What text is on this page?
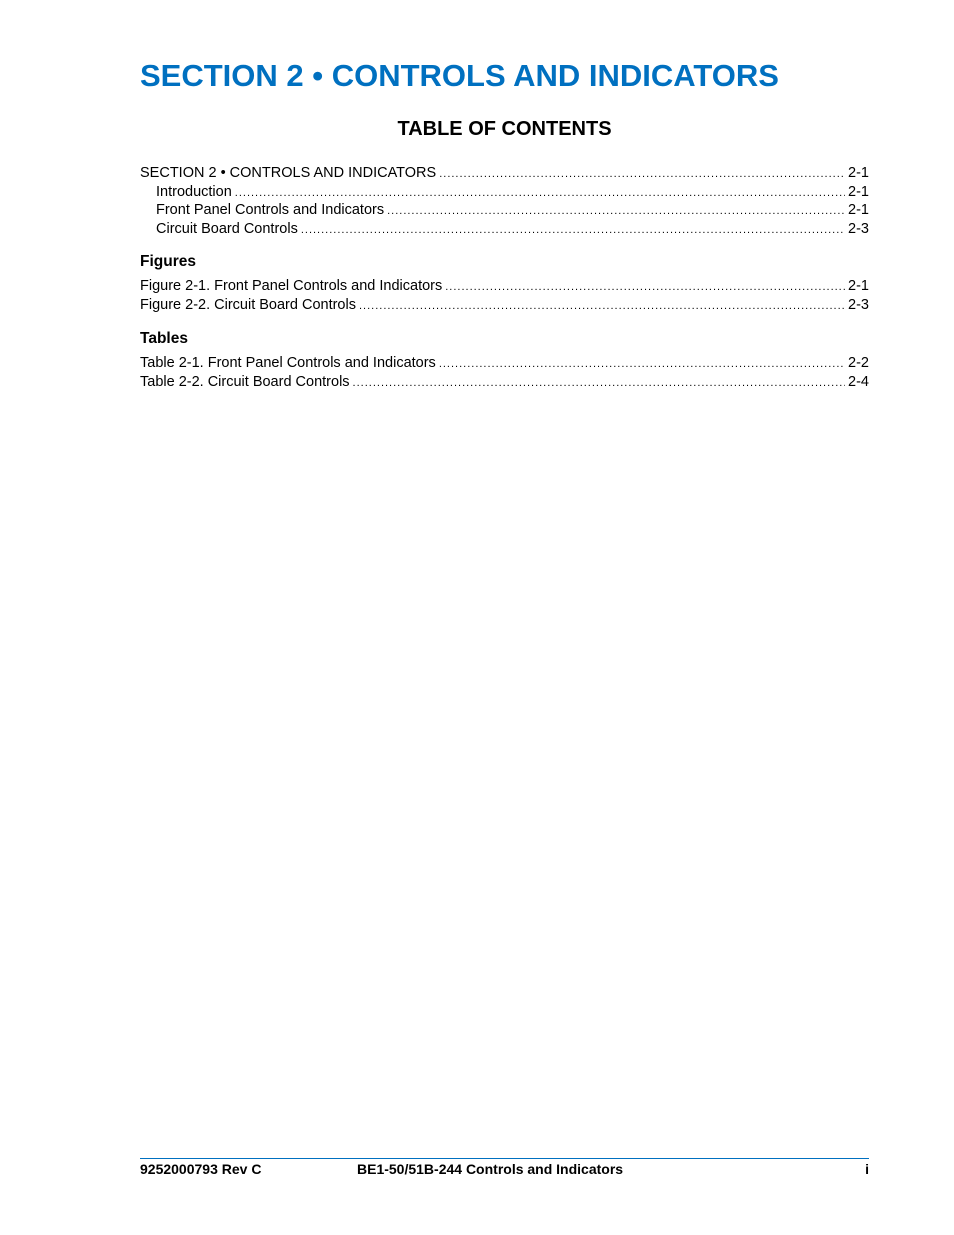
SECTION 2 • CONTROLS AND INDICATORS
TABLE OF CONTENTS
SECTION 2 • CONTROLS AND INDICATORS .....	2-1
Introduction .....	2-1
Front Panel Controls and Indicators .....	2-1
Circuit Board Controls .....	2-3
Figures
Figure 2-1. Front Panel Controls and Indicators .....	2-1
Figure 2-2. Circuit Board Controls .....	2-3
Tables
Table 2-1. Front Panel Controls and Indicators .....	2-2
Table 2-2. Circuit Board Controls .....	2-4
9252000793 Rev C	BE1-50/51B-244 Controls and Indicators	i
